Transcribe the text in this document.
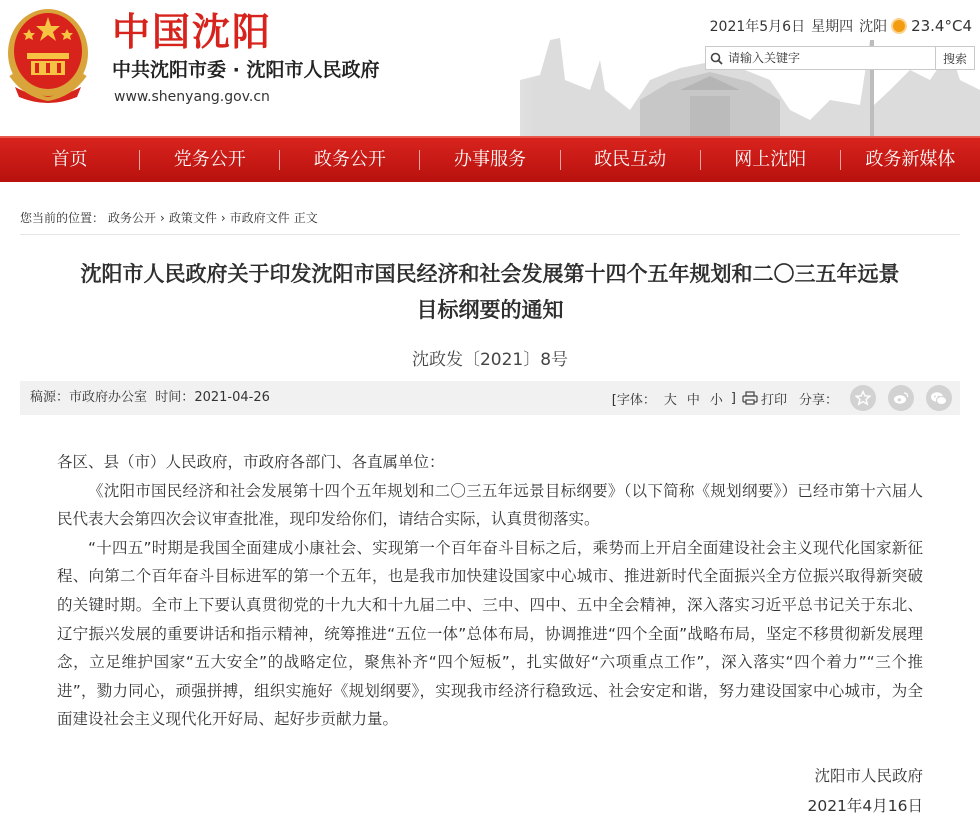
中国沈阳
中共沈阳市委 · 沈阳市人民政府
www.shenyang.gov.cn
2021年5月6日 星期四 沈阳 23.4°C4
请输入关键字
搜索
首页	党务公开	政务公开	办事服务	政民互动	网上沈阳	政务新媒体
您当前的位置： 政务公开 › 政策文件 › 市政府文件 正文
沈阳市人民政府关于印发沈阳市国民经济和社会发展第十四个五年规划和二〇三五年远景
目标纲要的通知
沈政发〔2021〕8号
稿源：市政府办公室 时间：2021-04-26	[字体： 大 中 小 ] 打印 分享：

各区、县（市）人民政府，市政府各部门、各直属单位：

《沈阳市国民经济和社会发展第十四个五年规划和二〇三五年远景目标纲要》（以下简称《规划纲要》）已经市第十六届人民代表大会第四次会议审查批准，现印发给你们，请结合实际，认真贯彻落实。

“十四五”时期是我国全面建成小康社会、实现第一个百年奋斗目标之后，乘势而上开启全面建设社会主义现代化国家新征程、向第二个百年奋斗目标进军的第一个五年，也是我市加快建设国家中心城市、推进新时代全面振兴全方位振兴取得新突破的关键时期。全市上下要认真贯彻党的十九大和十九届二中、三中、四中、五中全会精神，深入落实习近平总书记关于东北、辽宁振兴发展的重要讲话和指示精神，统筹推进“五位一体”总体布局，协调推进“四个全面”战略布局，坚定不移贯彻新发展理念，立足维护国家“五大安全”的战略定位，聚焦补齐“四个短板”，扎实做好“六项重点工作”，深入落实“四个着力”“三个推进”，勠力同心，顽强拼搏，组织实施好《规划纲要》，实现我市经济行稳致远、社会安定和谐，努力建设国家中心城市，为全面建设社会主义现代化开好局、起好步贡献力量。

沈阳市人民政府
2021年4月16日
